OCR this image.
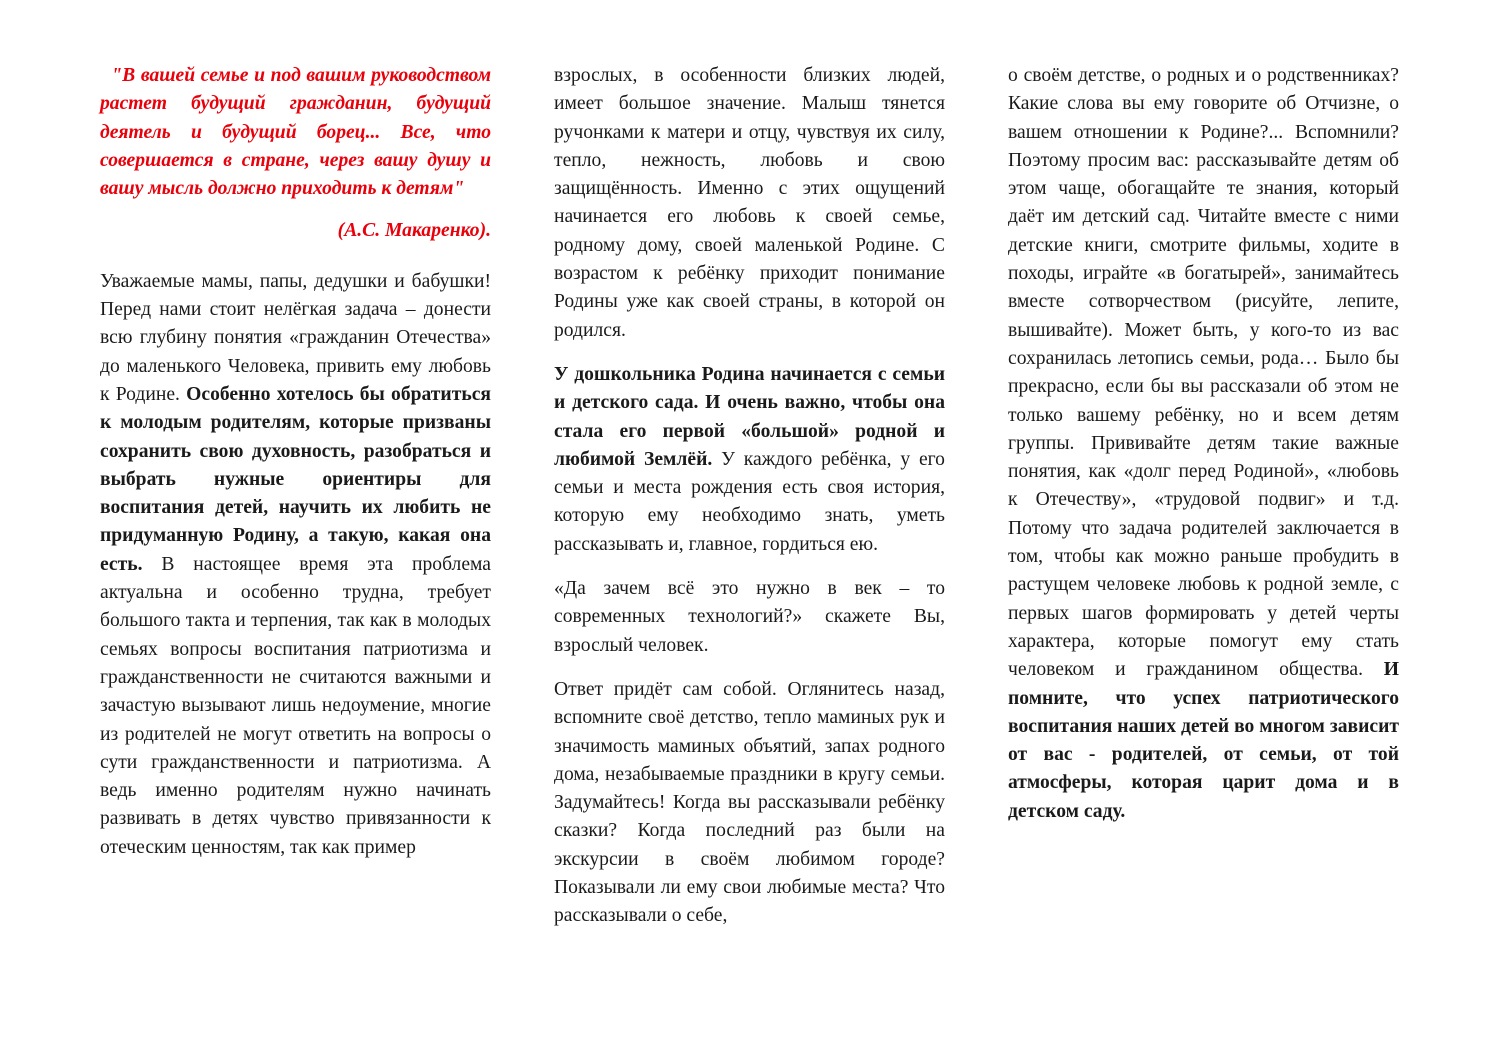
"В вашей семье и под вашим руководством растет будущий гражданин, будущий деятель и будущий борец... Все, что совершается в стране, через вашу душу и вашу мысль должно приходить к детям"

(А.С. Макаренко).

Уважаемые мамы, папы, дедушки и бабушки! Перед нами стоит нелёгкая задача – донести всю глубину понятия «гражданин Отечества» до маленького Человека, привить ему любовь к Родине. Особенно хотелось бы обратиться к молодым родителям, которые призваны сохранить свою духовность, разобраться и выбрать нужные ориентиры для воспитания детей, научить их любить не придуманную Родину, а такую, какая она есть. В настоящее время эта проблема актуальна и особенно трудна, требует большого такта и терпения, так как в молодых семьях вопросы воспитания патриотизма и гражданственности не считаются важными и зачастую вызывают лишь недоумение, многие из родителей не могут ответить на вопросы о сути гражданственности и патриотизма. А ведь именно родителям нужно начинать развивать в детях чувство привязанности к отеческим ценностям, так как пример

взрослых, в особенности близких людей, имеет большое значение. Малыш тянется ручонками к матери и отцу, чувствуя их силу, тепло, нежность, любовь и свою защищённость. Именно с этих ощущений начинается его любовь к своей семье, родному дому, своей маленькой Родине. С возрастом к ребёнку приходит понимание Родины уже как своей страны, в которой он родился.

У дошкольника Родина начинается с семьи и детского сада. И очень важно, чтобы она стала его первой «большой» родной и любимой Землёй. У каждого ребёнка, у его семьи и места рождения есть своя история, которую ему необходимо знать, уметь рассказывать и, главное, гордиться ею.

«Да зачем всё это нужно в век – то современных технологий?» скажете Вы, взрослый человек.

Ответ придёт сам собой. Оглянитесь назад, вспомните своё детство, тепло маминых рук и значимость маминых объятий, запах родного дома, незабываемые праздники в кругу семьи. Задумайтесь! Когда вы рассказывали ребёнку сказки? Когда последний раз были на экскурсии в своём любимом городе? Показывали ли ему свои любимые места? Что рассказывали о себе,

о своём детстве, о родных и о родственниках? Какие слова вы ему говорите об Отчизне, о вашем отношении к Родине?... Вспомнили? Поэтому просим вас: рассказывайте детям об этом чаще, обогащайте те знания, который даёт им детский сад. Читайте вместе с ними детские книги, смотрите фильмы, ходите в походы, играйте «в богатырей», занимайтесь вместе сотворчеством (рисуйте, лепите, вышивайте). Может быть, у кого-то из вас сохранилась летопись семьи, рода… Было бы прекрасно, если бы вы рассказали об этом не только вашему ребёнку, но и всем детям группы. Прививайте детям такие важные понятия, как «долг перед Родиной», «любовь к Отечеству», «трудовой подвиг» и т.д. Потому что задача родителей заключается в том, чтобы как можно раньше пробудить в растущем человеке любовь к родной земле, с первых шагов формировать у детей черты характера, которые помогут ему стать человеком и гражданином общества. И помните, что успех патриотического воспитания наших детей во многом зависит от вас - родителей, от семьи, от той атмосферы, которая царит дома и в детском саду.
